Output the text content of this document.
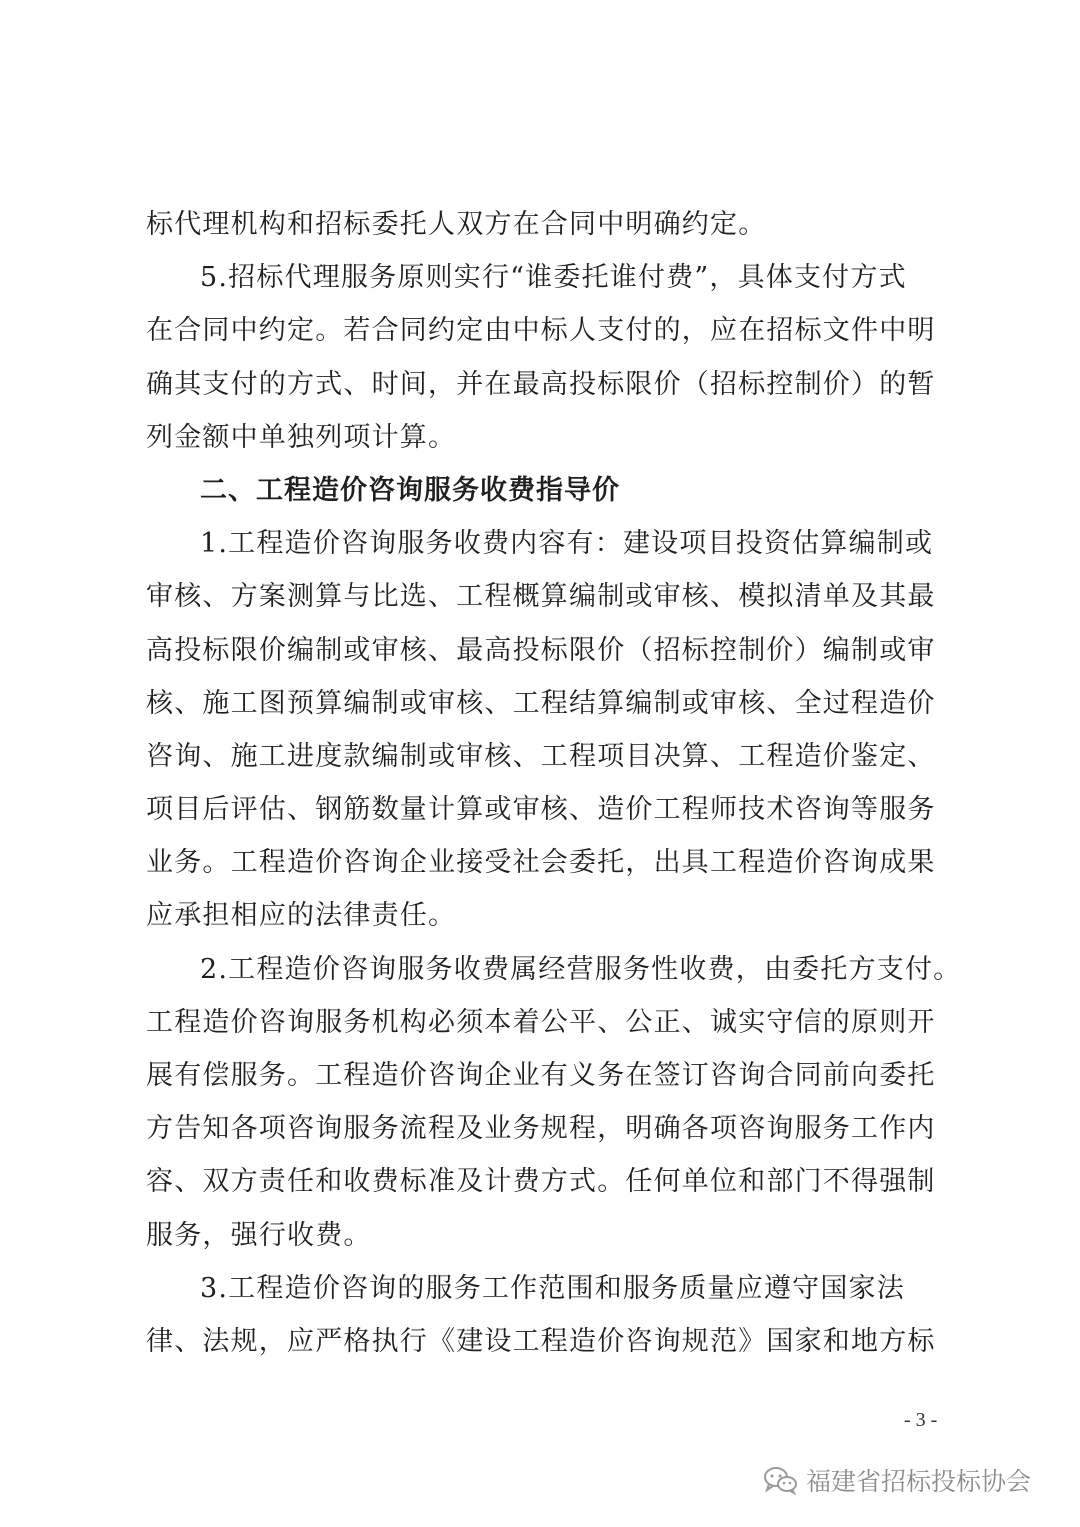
标代理机构和招标委托人双方在合同中明确约定。
5.招标代理服务原则实行“谁委托谁付费”，具体支付方式
在合同中约定。若合同约定由中标人支付的，应在招标文件中明
确其支付的方式、时间，并在最高投标限价（招标控制价）的暂
列金额中单独列项计算。
二、工程造价咨询服务收费指导价
1.工程造价咨询服务收费内容有：建设项目投资估算编制或
审核、方案测算与比选、工程概算编制或审核、模拟清单及其最
高投标限价编制或审核、最高投标限价（招标控制价）编制或审
核、施工图预算编制或审核、工程结算编制或审核、全过程造价
咨询、施工进度款编制或审核、工程项目决算、工程造价鉴定、
项目后评估、钢筋数量计算或审核、造价工程师技术咨询等服务
业务。工程造价咨询企业接受社会委托，出具工程造价咨询成果
应承担相应的法律责任。
2.工程造价咨询服务收费属经营服务性收费，由委托方支付。
工程造价咨询服务机构必须本着公平、公正、诚实守信的原则开
展有偿服务。工程造价咨询企业有义务在签订咨询合同前向委托
方告知各项咨询服务流程及业务规程，明确各项咨询服务工作内
容、双方责任和收费标准及计费方式。任何单位和部门不得强制
服务，强行收费。
3.工程造价咨询的服务工作范围和服务质量应遵守国家法
律、法规，应严格执行《建设工程造价咨询规范》国家和地方标
- 3 -
福建省招标投标协会
